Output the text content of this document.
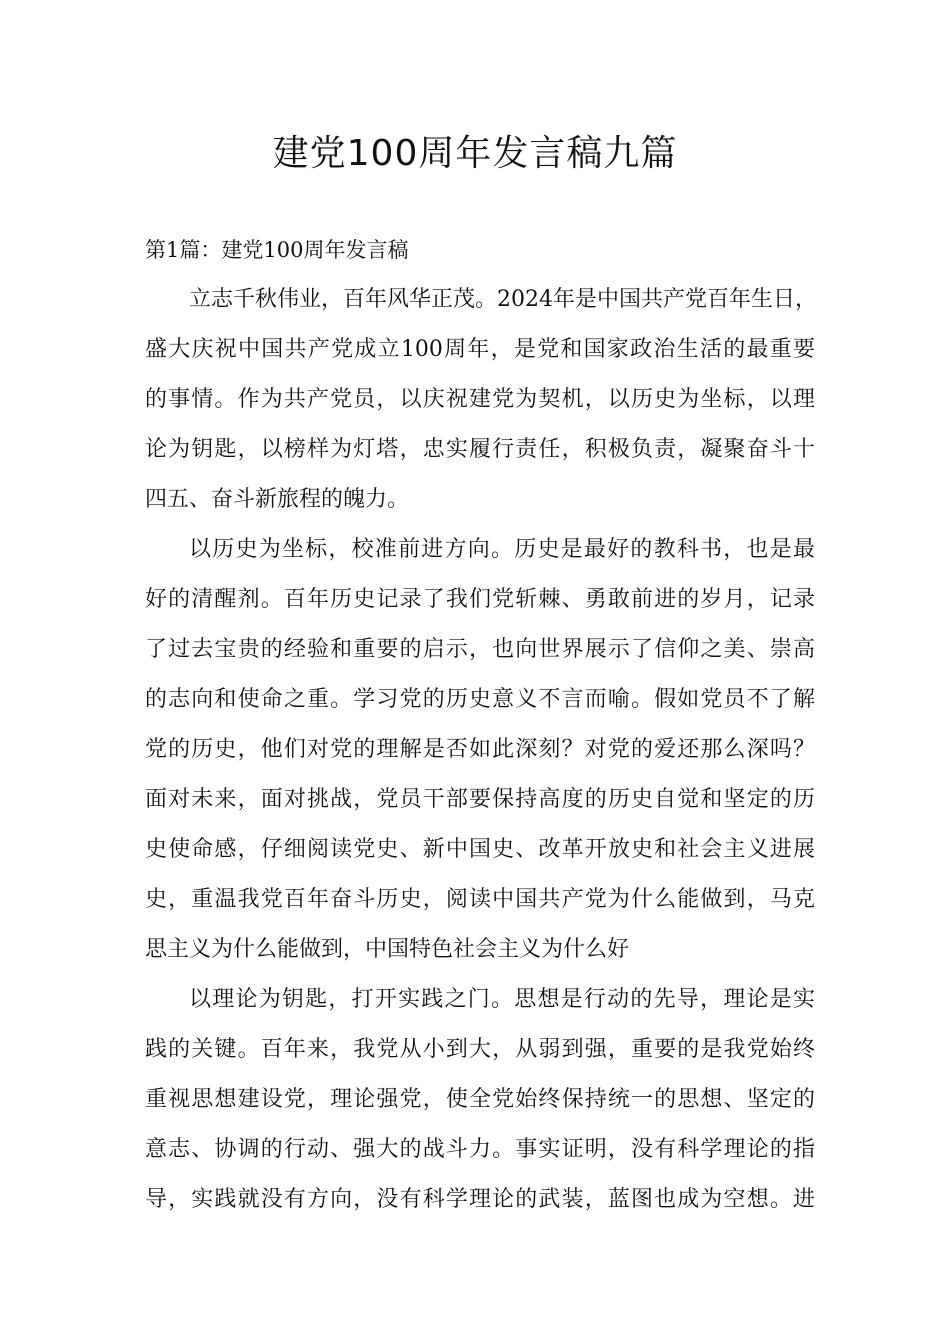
建党100周年发言稿九篇
第1篇：建党100周年发言稿
立志千秋伟业，百年风华正茂。2024年是中国共产党百年生日，
盛大庆祝中国共产党成立100周年，是党和国家政治生活的最重要
的事情。作为共产党员，以庆祝建党为契机，以历史为坐标，以理
论为钥匙，以榜样为灯塔，忠实履行责任，积极负责，凝聚奋斗十
四五、奋斗新旅程的魄力。
以历史为坐标，校准前进方向。历史是最好的教科书，也是最
好的清醒剂。百年历史记录了我们党斩棘、勇敢前进的岁月，记录
了过去宝贵的经验和重要的启示，也向世界展示了信仰之美、崇高
的志向和使命之重。学习党的历史意义不言而喻。假如党员不了解
党的历史，他们对党的理解是否如此深刻？对党的爱还那么深吗？
面对未来，面对挑战，党员干部要保持高度的历史自觉和坚定的历
史使命感，仔细阅读党史、新中国史、改革开放史和社会主义进展
史，重温我党百年奋斗历史，阅读中国共产党为什么能做到，马克
思主义为什么能做到，中国特色社会主义为什么好
以理论为钥匙，打开实践之门。思想是行动的先导，理论是实
践的关键。百年来，我党从小到大，从弱到强，重要的是我党始终
重视思想建设党，理论强党，使全党始终保持统一的思想、坚定的
意志、协调的行动、强大的战斗力。事实证明，没有科学理论的指
导，实践就没有方向，没有科学理论的武装，蓝图也成为空想。进
